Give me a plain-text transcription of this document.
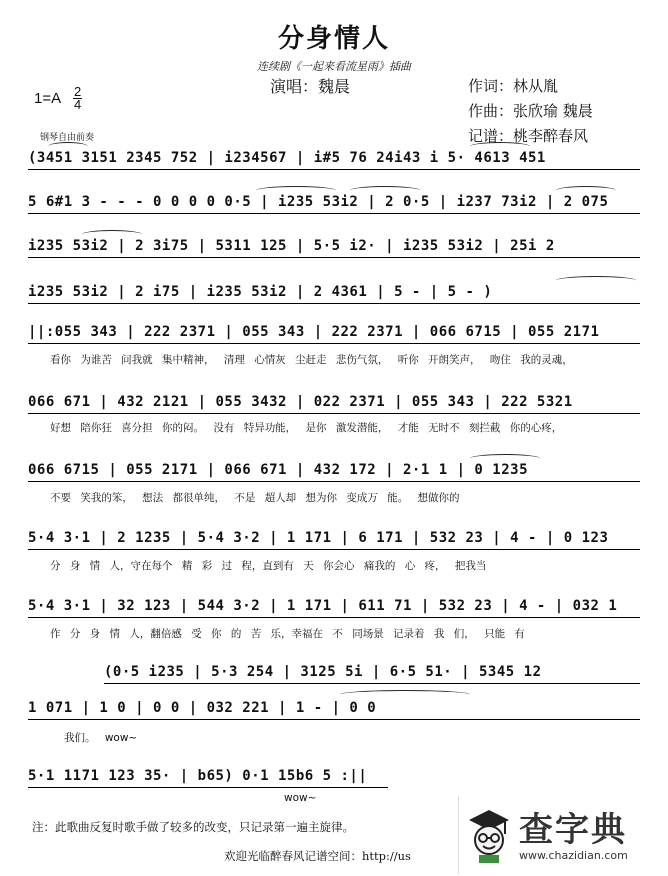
分身情人
连续剧《一起来看流星雨》插曲
演唱：魏晨
1=A 2
4
作词：林从胤
作曲：张欣瑜 魏晨
记谱：桃李醉春风
钢琴自由前奏
(3451 3151 2345 752 | i234567 | i#5 76 24i43 i 5· 4613 451
5 6#1 3 - - - 0 0 0 0 0·5 | i235 53i2 | 2 0·5 | i237 73i2 | 2 075
i235 53i2 | 2 3i75 | 5311 125 | 5·5 i2· | i235 53i2 | 25i 2
i235 53i2 | 2 i75 | i235 53i2 | 2 4361 | 5 - | 5 - )
||:055 343 | 222 2371 | 055 343 | 222 2371 | 066 6715 | 055 2171
看你 为谁苦 问我就 集中精神， 清理 心情灰 尘赶走 悲伤气氛， 听你 开朗笑声， 吻住 我的灵魂，
066 671 | 432 2121 | 055 3432 | 022 2371 | 055 343 | 222 5321
好想 陪你狂 喜分担 你的闷。 没有 特异功能， 是你 激发潜能， 才能 无时不 刻拦截 你的心疼，
066 6715 | 055 2171 | 066 671 | 432 172 | 2·1 1 | 0 1235
不要 笑我的笨， 想法 都很单纯， 不是 超人却 想为你 变成万 能。 想做你的
5·4 3·1 | 2 1235 | 5·4 3·2 | 1 171 | 6 171 | 532 23 | 4 - | 0 123
分 身 情 人，守在每个 精 彩 过 程，直到有 天 你会心 痛我的 心 疼， 把我当
5·4 3·1 | 32 123 | 544 3·2 | 1 171 | 611 71 | 532 23 | 4 - | 032 1
作 分 身 情 人，翻倍感 受 你 的 苦 乐，幸福在 不 同场景 记录着 我 们， 只能 有
(0·5 i235 | 5·3 254 | 3125 5i | 6·5 51· | 5345 12
1 071 | 1 0 | 0 0 | 032 221 | 1 - | 0 0
我们。 wow~
5·1 1171 123 35· | b65) 0·1 15b6 5 :||
wow~
注：此歌曲反复时歌手做了较多的改变，只记录第一遍主旋律。
欢迎光临醉春风记谱空间：http://us
查字典
www.chazidian.com
